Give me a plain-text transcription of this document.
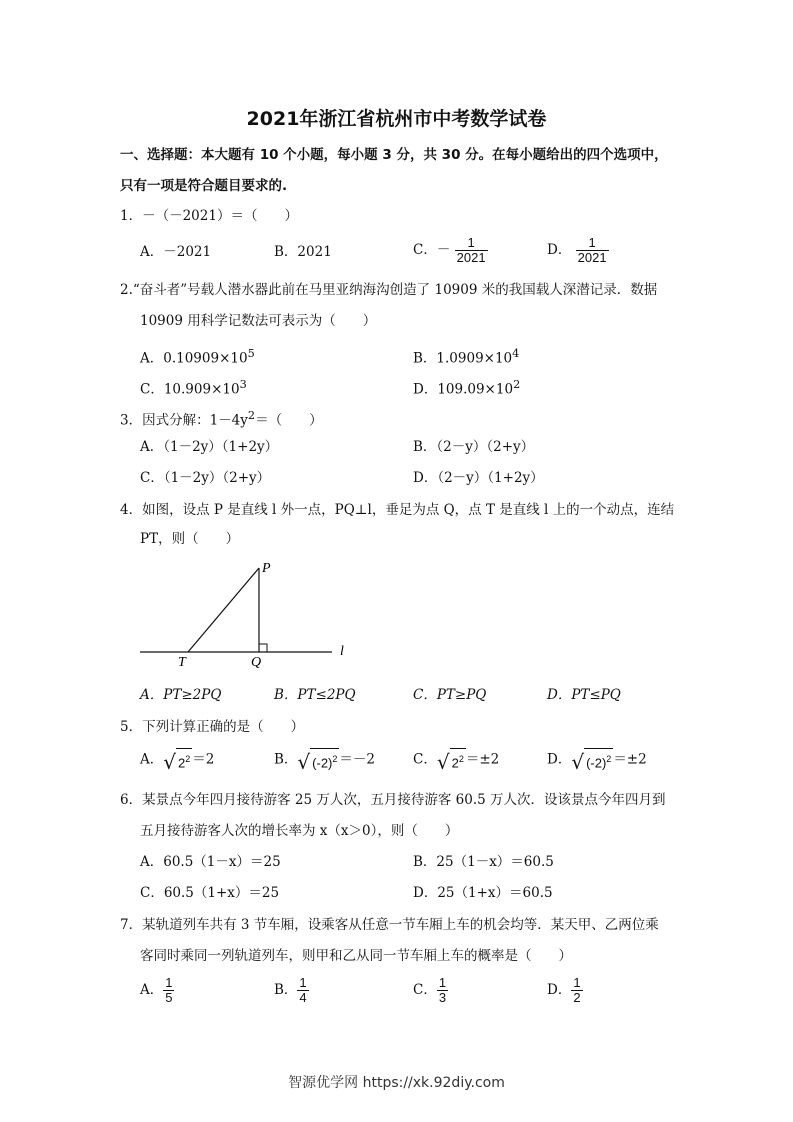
2021年浙江省杭州市中考数学试卷
一、选择题：本大题有 10 个小题，每小题 3 分，共 30 分。在每小题给出的四个选项中，
只有一项是符合题目要求的.
1．－（－2021）＝（　　）
A．－2021	B．2021	C．－ $\frac{1}{2021}$	D． $\frac{1}{2021}$
2.“奋斗者”号载人潜水器此前在马里亚纳海沟创造了 10909 米的我国载人深潜记录．数据
10909 用科学记数法可表示为（　　）
A．$0.10909\times 10^5$	B．$1.0909\times 10^4$
C．$10.909\times 10^3$	D．$109.09\times 10^2$
3．因式分解：$1-4y^2=$（　　）
A．（1－2y）（1+2y）	B．（2－y）（2+y）
C．（1－2y）（2+y）	D．（2－y）（1+2y）
4．如图，设点 P 是直线 l 外一点，PQ⊥l，垂足为点 Q，点 T 是直线 l 上的一个动点，连结
PT，则（　　）
P
T	Q
l
A．PT≥2PQ	B．PT≤2PQ	C．PT≥PQ	D．PT≤PQ
5．下列计算正确的是（　　）
A． √ $2^2 =2$	B． √ $(-2)^2 =-2$	C． √ $2^2 =\pm 2$	D． √ $(-2)^2 =\pm 2$
6．某景点今年四月接待游客 25 万人次，五月接待游客 60.5 万人次．设该景点今年四月到
五月接待游客人次的增长率为 x（x＞0），则（　　）
A．60.5（1－x）＝25	B．25（1－x）＝60.5
C．60.5（1+x）＝25	D．25（1+x）＝60.5
7．某轨道列车共有 3 节车厢，设乘客从任意一节车厢上车的机会均等．某天甲、乙两位乘
客同时乘同一列轨道列车，则甲和乙从同一节车厢上车的概率是（　　）
A． $\frac{1}{5}$	B． $\frac{1}{4}$	C． $\frac{1}{3}$	D． $\frac{1}{2}$
智源优学网 https://xk.92diy.com
